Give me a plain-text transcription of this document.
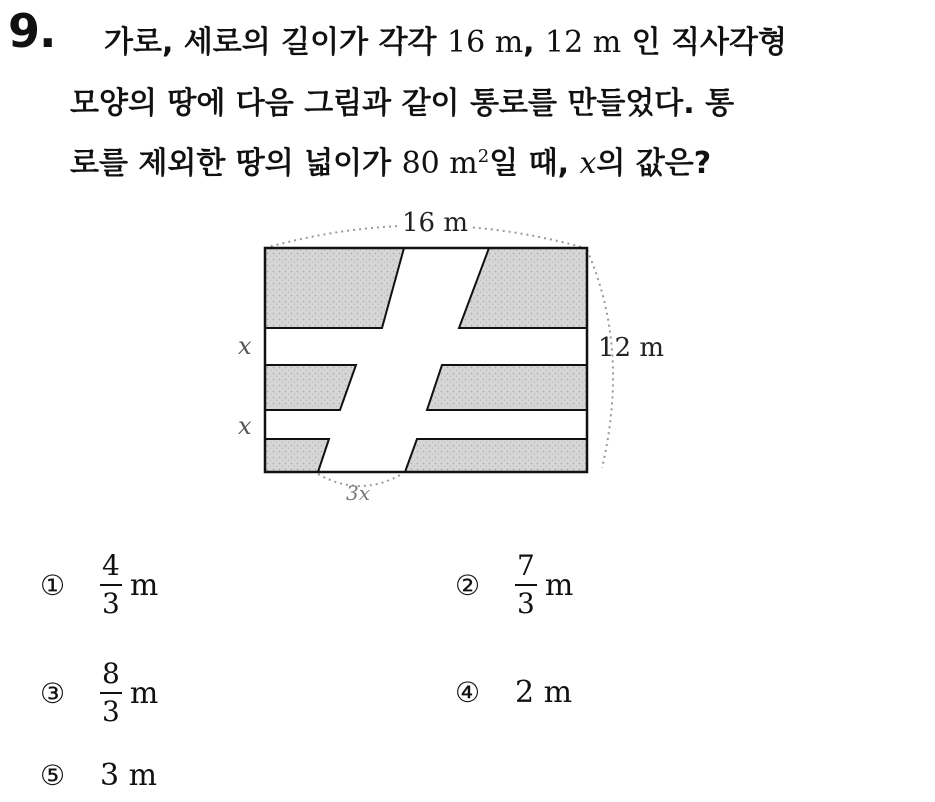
9. 가로, 세로의 길이가 각각 16 m, 12 m 인 직사각형
모양의 땅에 다음 그림과 같이 통로를 만들었다. 통
로를 제외한 땅의 넓이가 80 $m^2$일 때, x의 값은?
16 m
12 m
x
x
3x
①	$\frac{4}{3}$ m	②	$\frac{7}{3}$ m
③	$\frac{8}{3}$ m	④	2 m
⑤	3 m
